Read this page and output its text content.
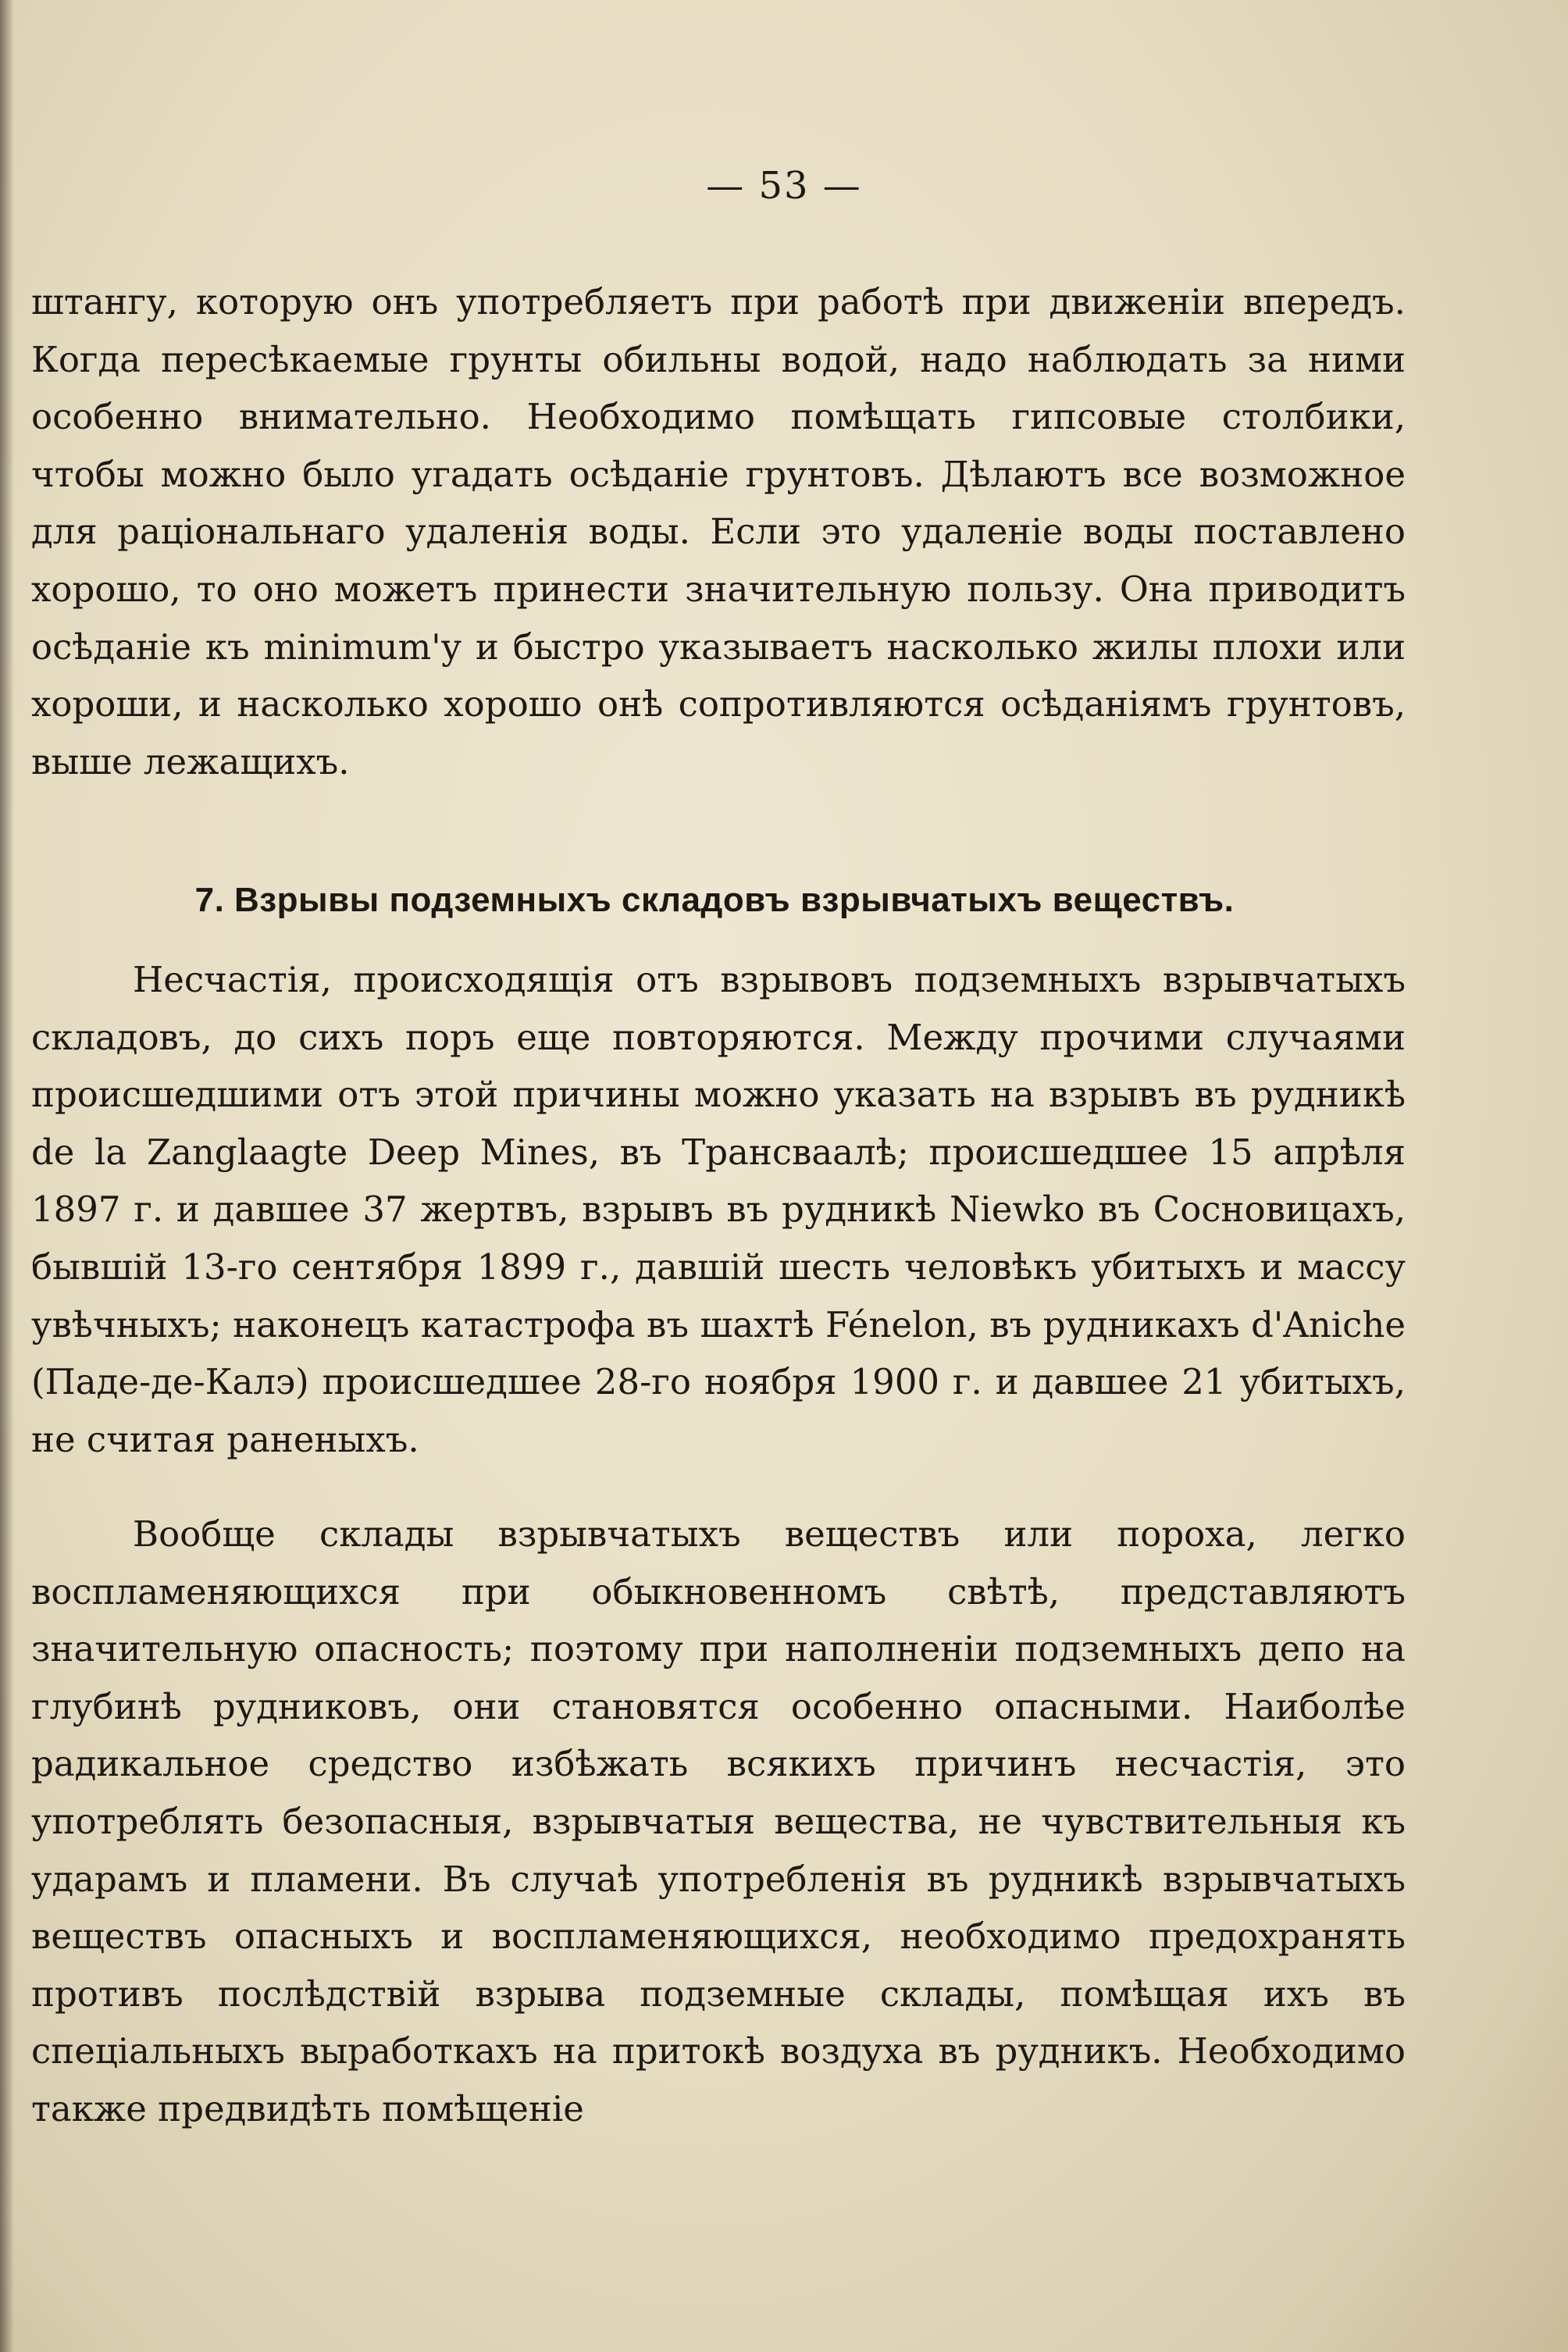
— 53 —

штангу, которую онъ употребляетъ при работѣ при движеніи впередъ. Когда пересѣкаемые грунты обильны водой, надо наблюдать за ними особенно внимательно. Необходимо помѣщать гипсовые столбики, чтобы можно было угадать осѣданіе грунтовъ. Дѣлаютъ все возможное для раціональнаго удаленія воды. Если это удаленіе воды поставлено хорошо, то оно можетъ принести значительную пользу. Она приводитъ осѣданіе къ minimum'у и быстро указываетъ насколько жилы плохи или хороши, и насколько хорошо онѣ сопротивляются осѣданіямъ грунтовъ, выше лежащихъ.

7. Взрывы подземныхъ складовъ взрывчатыхъ веществъ.

Несчастія, происходящія отъ взрывовъ подземныхъ взрывчатыхъ складовъ, до сихъ поръ еще повторяются. Между прочими случаями происшедшими отъ этой причины можно указать на взрывъ въ рудникѣ de la Zanglaagte Deep Mines, въ Трансваалѣ; происшедшее 15 апрѣля 1897 г. и давшее 37 жертвъ, взрывъ въ рудникѣ Niewko въ Сосновицахъ, бывшій 13-го сентября 1899 г., давшій шесть человѣкъ убитыхъ и массу увѣчныхъ; наконецъ катастрофа въ шахтѣ Fénelon, въ рудникахъ d'Aniche (Паде-де-Калэ) происшедшее 28-го ноября 1900 г. и давшее 21 убитыхъ, не считая раненыхъ.

Вообще склады взрывчатыхъ веществъ или пороха, легко воспламеняющихся при обыкновенномъ свѣтѣ, представляютъ значительную опасность; поэтому при наполненіи подземныхъ депо на глубинѣ рудниковъ, они становятся особенно опасными. Наиболѣе радикальное средство избѣжать всякихъ причинъ несчастія, это употреблять безопасныя, взрывчатыя вещества, не чувствительныя къ ударамъ и пламени. Въ случаѣ употребленія въ рудникѣ взрывчатыхъ веществъ опасныхъ и воспламеняющихся, необходимо предохранять противъ послѣдствій взрыва подземные склады, помѣщая ихъ въ спеціальныхъ выработкахъ на притокѣ воздуха въ рудникъ. Необходимо также предвидѣть помѣщеніе
